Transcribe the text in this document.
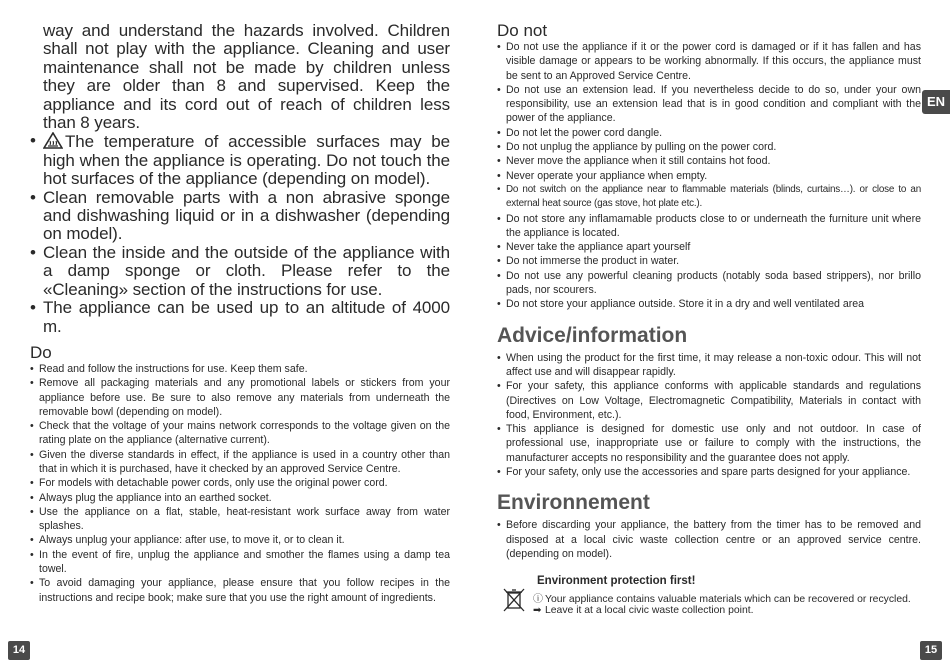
way and understand the hazards involved. Children shall not play with the appliance. Cleaning and user maintenance shall not be made by children unless they are older than 8 and supervised. Keep the appliance and its cord out of reach of children less than 8 years.
• The temperature of accessible surfaces may be high when the appliance is operating. Do not touch the hot surfaces of the appliance (depending on model).
• Clean removable parts with a non abrasive sponge and dishwashing liquid or in a dishwasher (depending on model).
• Clean the inside and the outside of the appliance with a damp sponge or cloth. Please refer to the «Cleaning» section of the instructions for use.
• The appliance can be used up to an altitude of 4000 m.
Do
• Read and follow the instructions for use. Keep them safe.
• Remove all packaging materials and any promotional labels or stickers from your appliance before use. Be sure to also remove any materials from underneath the removable bowl (depending on model).
• Check that the voltage of your mains network corresponds to the voltage given on the rating plate on the appliance (alternative current).
• Given the diverse standards in effect, if the appliance is used in a country other than that in which it is purchased, have it checked by an approved Service Centre.
• For models with detachable power cords, only use the original power cord.
• Always plug the appliance into an earthed socket.
• Use the appliance on a flat, stable, heat-resistant work surface away from water splashes.
• Always unplug your appliance: after use, to move it, or to clean it.
• In the event of fire, unplug the appliance and smother the flames using a damp tea towel.
• To avoid damaging your appliance, please ensure that you follow recipes in the instructions and recipe book; make sure that you use the right amount of ingredients.
14
Do not
• Do not use the appliance if it or the power cord is damaged or if it has fallen and has visible damage or appears to be working abnormally. If this occurs, the appliance must be sent to an Approved Service Centre.
• Do not use an extension lead. If you nevertheless decide to do so, under your own responsibility, use an extension lead that is in good condition and compliant with the power of the appliance.
• Do not let the power cord dangle.
• Do not unplug the appliance by pulling on the power cord.
• Never move the appliance when it still contains hot food.
• Never operate your appliance when empty.
• Do not switch on the appliance near to flammable materials (blinds, curtains…). or close to an external heat source (gas stove, hot plate etc.).
• Do not store any inflamamable products close to or underneath the furniture unit where the appliance is located.
• Never take the appliance apart yourself
• Do not immerse the product in water.
• Do not use any powerful cleaning products (notably soda based strippers), nor brillo pads, nor scourers.
• Do not store your appliance outside. Store it in a dry and well ventilated area
Advice/information
• When using the product for the first time, it may release a non-toxic odour. This will not affect use and will disappear rapidly.
• For your safety, this appliance conforms with applicable standards and regulations (Directives on Low Voltage, Electromagnetic Compatibility, Materials in contact with food, Environment, etc.).
• This appliance is designed for domestic use only and not outdoor. In case of professional use, inappropriate use or failure to comply with the instructions, the manufacturer accepts no responsibility and the guarantee does not apply.
• For your safety, only use the accessories and spare parts designed for your appliance.
Environnement
• Before discarding your appliance, the battery from the timer has to be removed and disposed at a local civic waste collection centre or an approved service centre. (depending on model).
Environment protection first!
ⓘ Your appliance contains valuable materials which can be recovered or recycled.
➡ Leave it at a local civic waste collection point.
EN
15
